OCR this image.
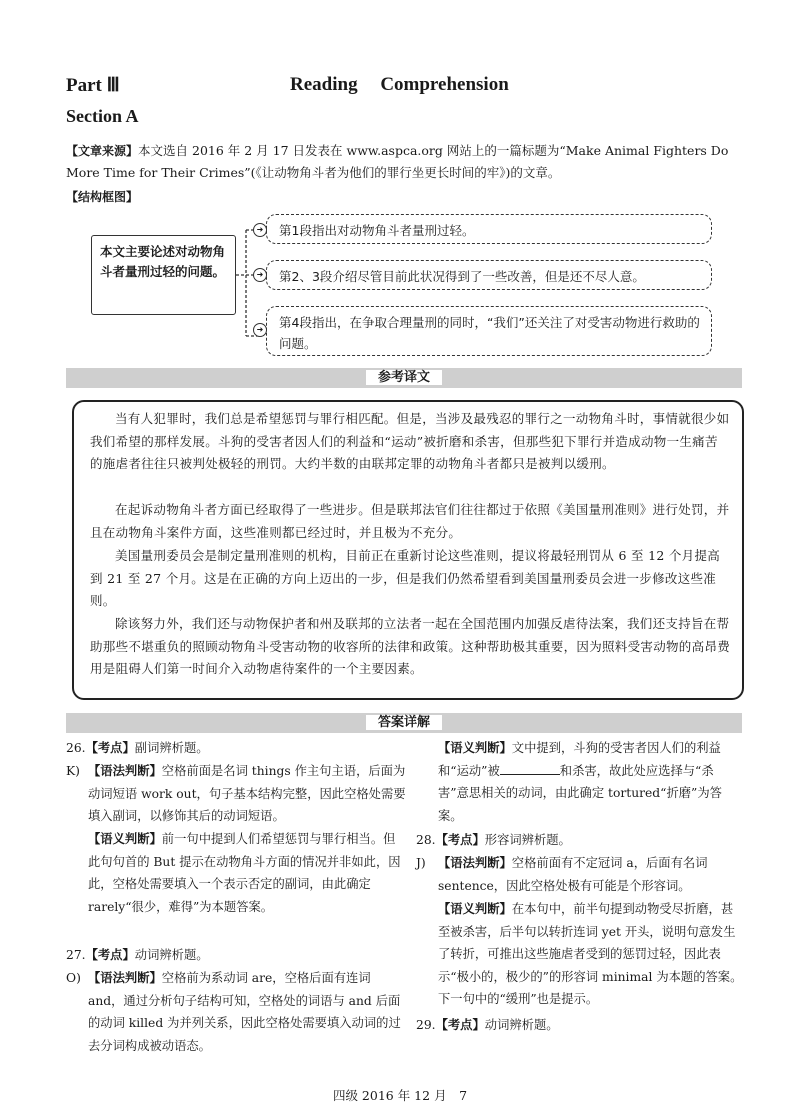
Part Ⅲ	Reading Comprehension
Section A
【文章来源】本文选自 2016 年 2 月 17 日发表在 www.aspca.org 网站上的一篇标题为“Make Animal Fighters Do More Time for Their Crimes”(《让动物角斗者为他们的罪行坐更长时间的牢》)的文章。
【结构框图】
本文主要论述对动物角斗者量刑过轻的问题。
➜	第1段指出对动物角斗者量刑过轻。
➜	第2、3段介绍尽管目前此状况得到了一些改善，但是还不尽人意。
➜	第4段指出，在争取合理量刑的同时，“我们”还关注了对受害动物进行救助的问题。
参考译文
当有人犯罪时，我们总是希望惩罚与罪行相匹配。但是，当涉及最残忍的罪行之一动物角斗时，事情就很少如我们希望的那样发展。斗狗的受害者因人们的利益和“运动”被折磨和杀害，但那些犯下罪行并造成动物一生痛苦的施虐者往往只被判处极轻的刑罚。大约半数的由联邦定罪的动物角斗者都只是被判以缓刑。
在起诉动物角斗者方面已经取得了一些进步。但是联邦法官们往往都过于依照《美国量刑准则》进行处罚，并且在动物角斗案件方面，这些准则都已经过时，并且极为不充分。
美国量刑委员会是制定量刑准则的机构，目前正在重新讨论这些准则，提议将最轻刑罚从 6 至 12 个月提高到 21 至 27 个月。这是在正确的方向上迈出的一步，但是我们仍然希望看到美国量刑委员会进一步修改这些准则。
除该努力外，我们还与动物保护者和州及联邦的立法者一起在全国范围内加强反虐待法案，我们还支持旨在帮助那些不堪重负的照顾动物角斗受害动物的收容所的法律和政策。这种帮助极其重要，因为照料受害动物的高昂费用是阻碍人们第一时间介入动物虐待案件的一个主要因素。
答案详解
26.【考点】副词辨析题。
K) 【语法判断】空格前面是名词 things 作主句主语，后面为动词短语 work out，句子基本结构完整，因此空格处需要填入副词，以修饰其后的动词短语。
【语义判断】前一句中提到人们希望惩罚与罪行相当。但此句句首的 But 提示在动物角斗方面的情况并非如此，因此，空格处需要填入一个表示否定的副词，由此确定 rarely“很少，难得”为本题答案。
27.【考点】动词辨析题。
O) 【语法判断】空格前为系动词 are，空格后面有连词 and，通过分析句子结构可知，空格处的词语与 and 后面的动词 killed 为并列关系，因此空格处需要填入动词的过去分词构成被动语态。
【语义判断】文中提到，斗狗的受害者因人们的利益和“运动”被	和杀害，故此处应选择与“杀害”意思相关的动词，由此确定 tortured“折磨”为答案。
28.【考点】形容词辨析题。
J) 【语法判断】空格前面有不定冠词 a，后面有名词 sentence，因此空格处极有可能是个形容词。
【语义判断】在本句中，前半句提到动物受尽折磨，甚至被杀害，后半句以转折连词 yet 开头，说明句意发生了转折，可推出这些施虐者受到的惩罚过轻，因此表示“极小的，极少的”的形容词 minimal 为本题的答案。下一句中的“缓刑”也是提示。
29.【考点】动词辨析题。
四级 2016 年 12 月　7
